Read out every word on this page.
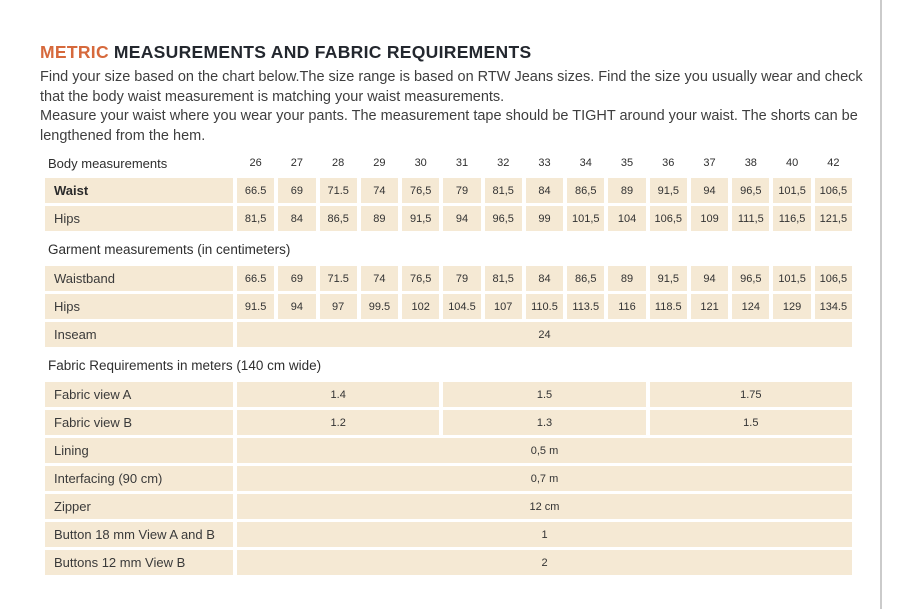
METRIC MEASUREMENTS AND FABRIC REQUIREMENTS

Find your size based on the chart below.The size range is based on RTW Jeans sizes. Find the size you usually wear and check that the body waist measurement is matching your waist measurements.

Measure your waist where you wear your pants. The measurement tape should be TIGHT around your waist. The shorts can be lengthened from the hem.

Body measurements	26	27	28	29	30	31	32	33	34	35	36	37	38	40	42
Waist	66.5	69	71.5	74	76,5	79	81,5	84	86,5	89	91,5	94	96,5	101,5	106,5
Hips	81,5	84	86,5	89	91,5	94	96,5	99	101,5	104	106,5	109	111,5	116,5	121,5
Garment measurements (in centimeters)
Waistband	66.5	69	71.5	74	76,5	79	81,5	84	86,5	89	91,5	94	96,5	101,5	106,5
Hips	91.5	94	97	99.5	102	104.5	107	110.5	113.5	116	118.5	121	124	129	134.5
Inseam	24
Fabric Requirements in meters (140 cm wide)
Fabric view A	1.4	1.5	1.75
Fabric view B	1.2	1.3	1.5
Lining	0,5 m
Interfacing (90 cm)	0,7 m
Zipper	12 cm
Button 18 mm View A and B	1
Buttons 12 mm View B	2
